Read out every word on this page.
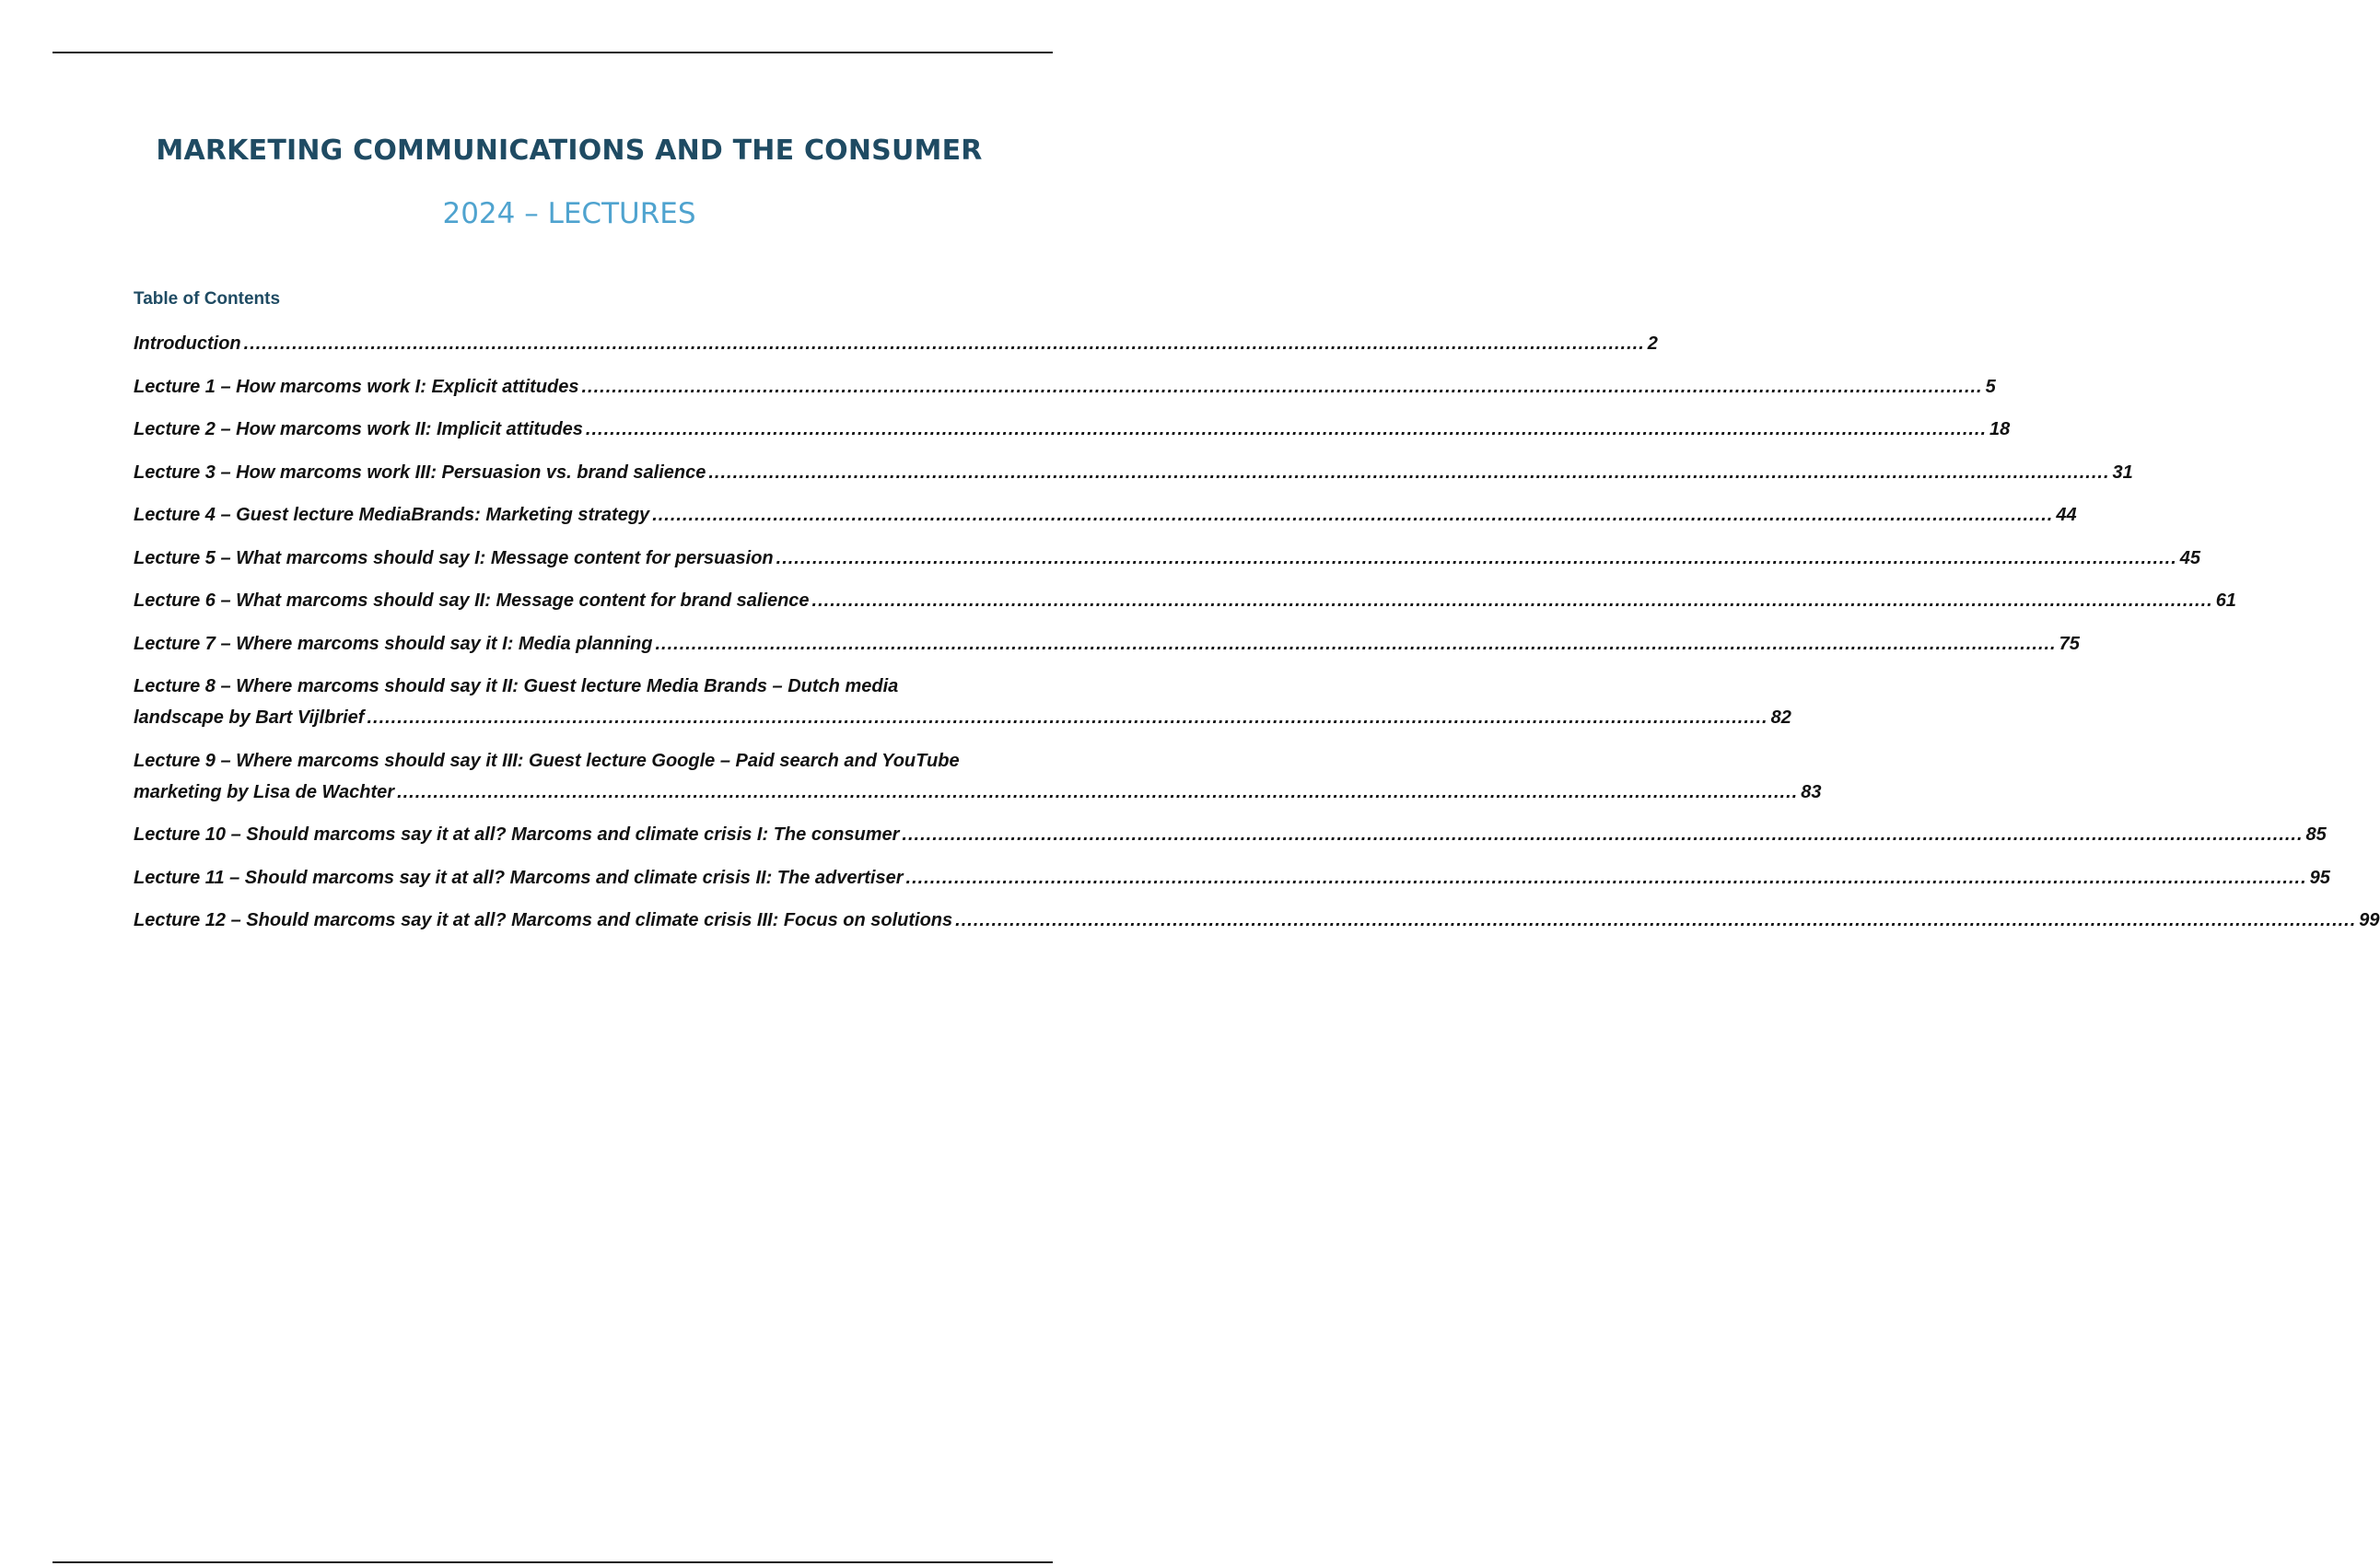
MARKETING COMMUNICATIONS AND THE CONSUMER
2024 – LECTURES
Table of Contents
Introduction .....	2
Lecture 1 – How marcoms work I: Explicit attitudes .....	5
Lecture 2 – How marcoms work II: Implicit attitudes .....	18
Lecture 3 – How marcoms work III: Persuasion vs. brand salience .....	31
Lecture 4 – Guest lecture MediaBrands: Marketing strategy .....	44
Lecture 5 – What marcoms should say I: Message content for persuasion .....	45
Lecture 6 – What marcoms should say II: Message content for brand salience .....	61
Lecture 7 – Where marcoms should say it I: Media planning .....	75
Lecture 8 – Where marcoms should say it II: Guest lecture Media Brands – Dutch media
landscape by Bart Vijlbrief .....	82
Lecture 9 – Where marcoms should say it III: Guest lecture Google – Paid search and YouTube
marketing by Lisa de Wachter .....	83
Lecture 10 – Should marcoms say it at all? Marcoms and climate crisis I: The consumer .....	85
Lecture 11 – Should marcoms say it at all? Marcoms and climate crisis II: The advertiser .....	95
Lecture 12 – Should marcoms say it at all? Marcoms and climate crisis III: Focus on solutions .....	99
